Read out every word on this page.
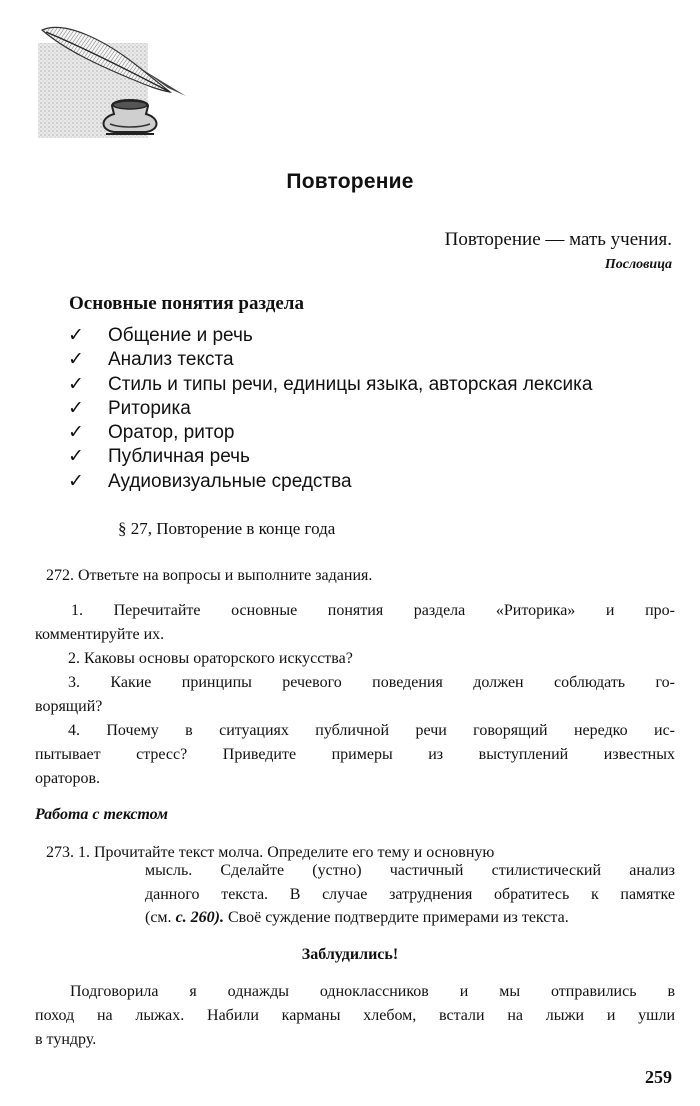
Повторение
Повторение — мать учения.
Пословица
Основные понятия раздела
✓ Общение и речь
✓ Анализ текста
✓ Стиль и типы речи, единицы языка, авторская лексика
✓ Риторика
✓ Оратор, ритор
✓ Публичная речь
✓ Аудиовизуальные средства
§ 27, Повторение в конце года
272. Ответьте на вопросы и выполните задания.
1. Перечитайте основные понятия раздела «Риторика» и про-
комментируйте их.
2. Каковы основы ораторского искусства?
3. Какие принципы речевого поведения должен соблюдать го-
ворящий?
4. Почему в ситуациях публичной речи говорящий нередко ис-
пытывает стресс? Приведите примеры из выступлений известных
ораторов.
Работа с текстом
273. 1. Прочитайте текст молча. Определите его тему и основную
мысль. Сделайте (устно) частичный стилистический анализ
данного текста. В случае затруднения обратитесь к памятке
(см. с. 260). Своё суждение подтвердите примерами из текста.
Заблудились!
Подговорила я однажды одноклассников и мы отправились в
поход на лыжах. Набили карманы хлебом, встали на лыжи и ушли
в тундру.
259
